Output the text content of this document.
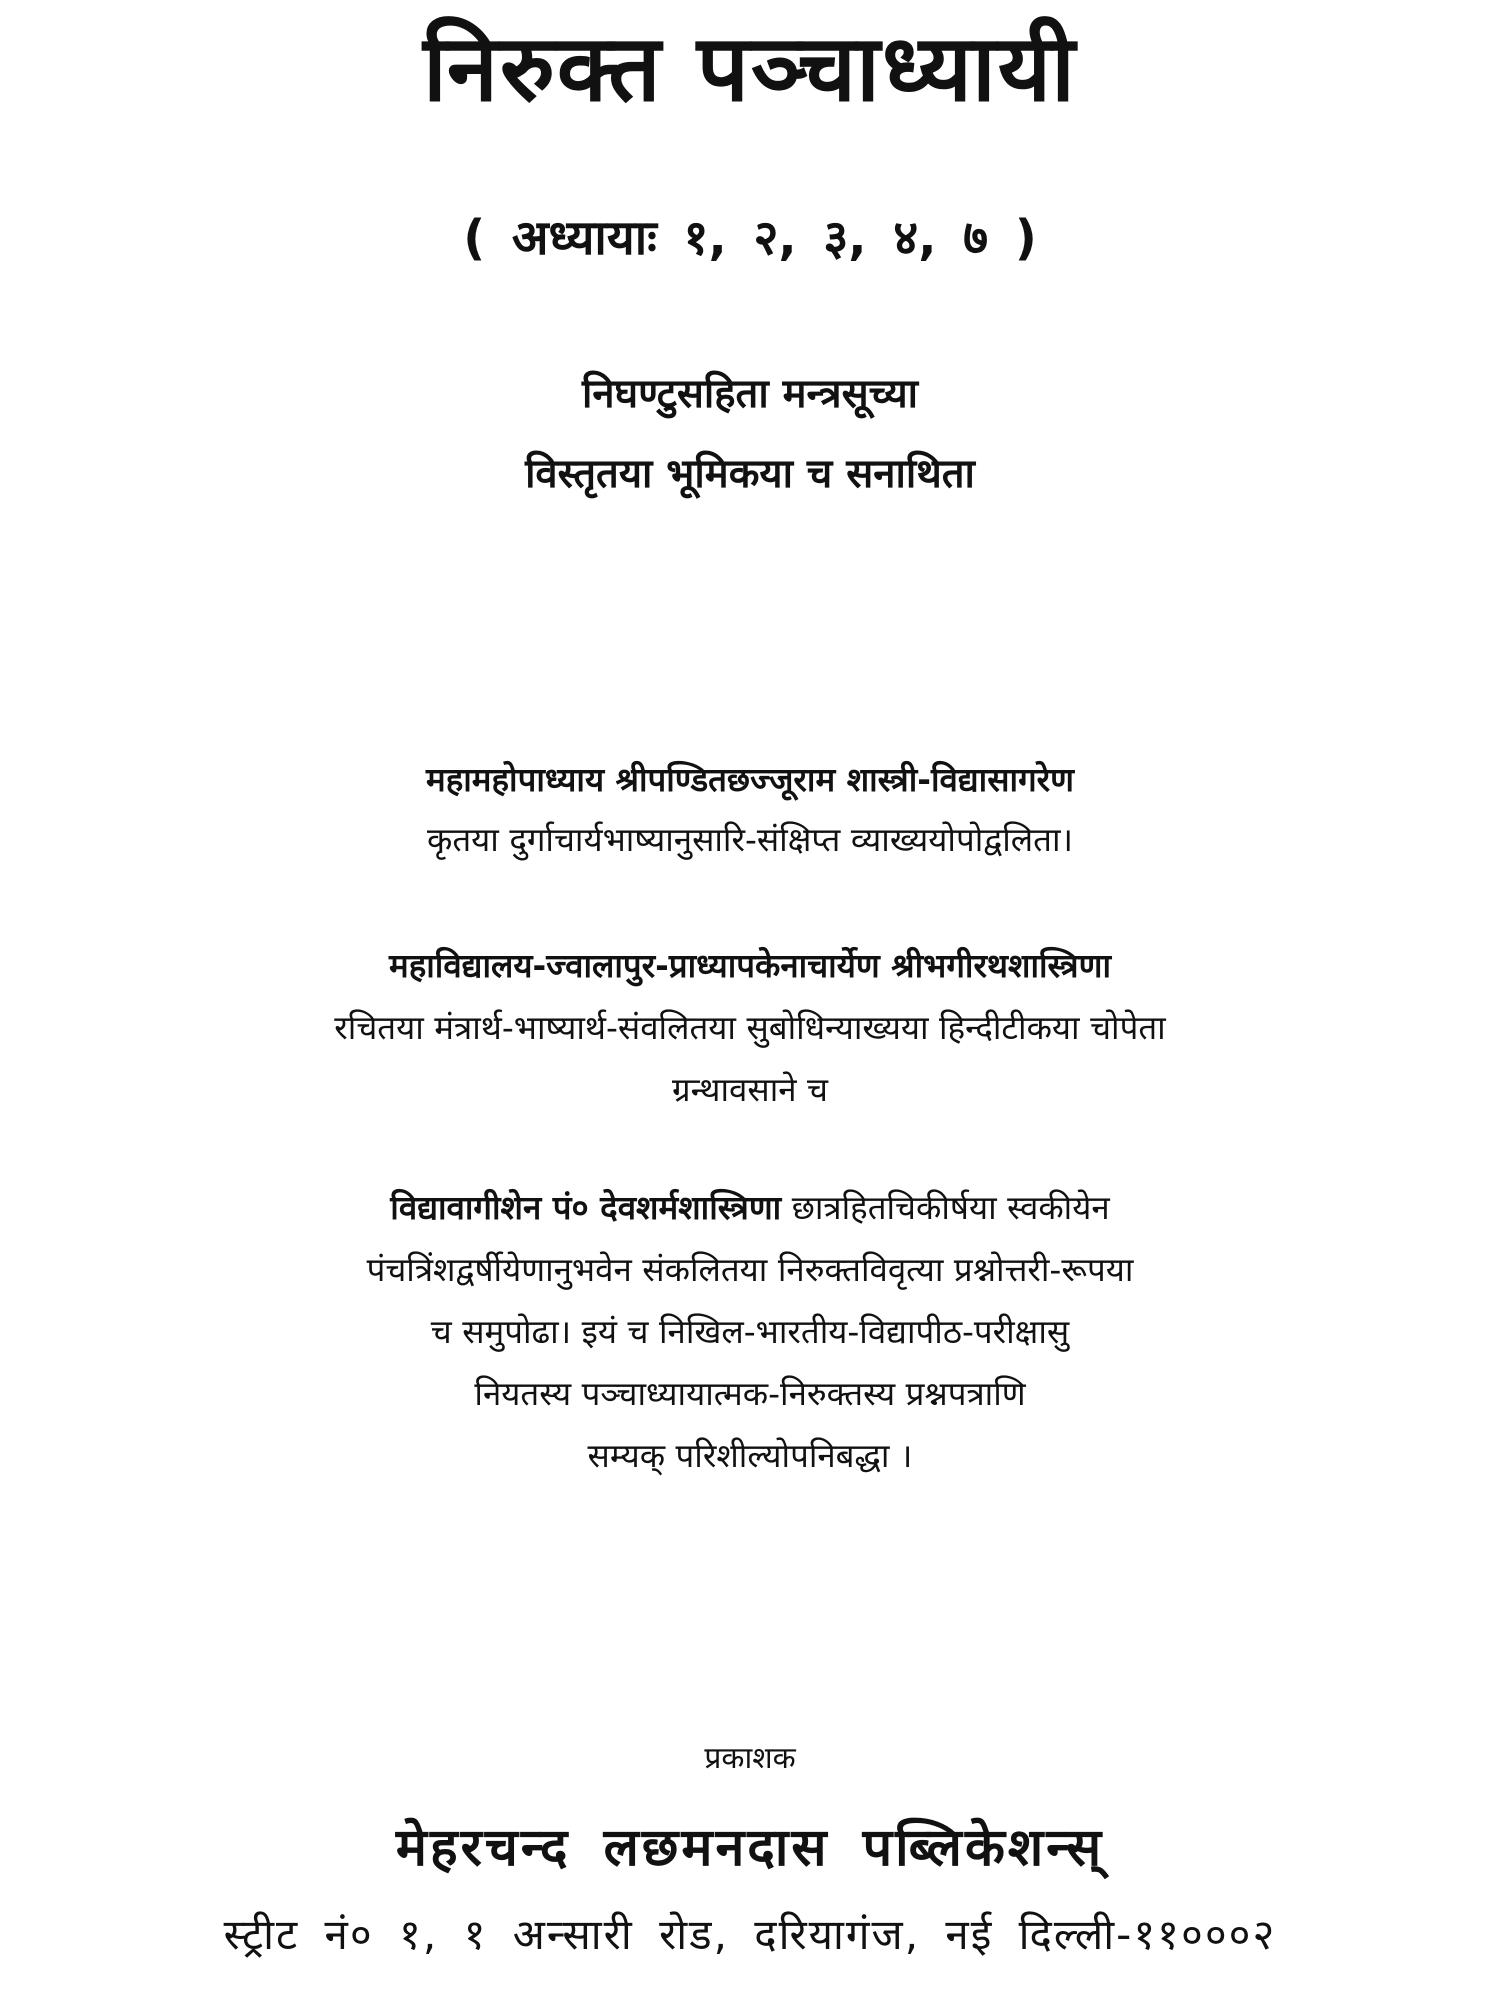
निरुक्त पञ्चाध्यायी
( अध्यायाः १, २, ३, ४, ७ )
निघण्टुसहिता मन्त्रसूच्या
विस्तृतया भूमिकया च सनाथिता
महामहोपाध्याय श्रीपण्डितछज्जूराम शास्त्री-विद्यासागरेण
कृतया दुर्गाचार्यभाष्यानुसारि-संक्षिप्त व्याख्ययोपोद्वलिता।
महाविद्यालय-ज्वालापुर-प्राध्यापकेनाचार्येण श्रीभगीरथशास्त्रिणा
रचितया मंत्रार्थ-भाष्यार्थ-संवलितया सुबोधिन्याख्यया हिन्दीटीकया चोपेता
ग्रन्थावसाने च
विद्यावागीशेन पं० देवशर्मशास्त्रिणा छात्रहितचिकीर्षया स्वकीयेन
पंचत्रिंशद्वर्षीयेणानुभवेन संकलितया निरुक्तविवृत्या प्रश्नोत्तरी-रूपया
च समुपोढा। इयं च निखिल-भारतीय-विद्यापीठ-परीक्षासु
नियतस्य पञ्चाध्यायात्मक-निरुक्तस्य प्रश्नपत्राणि
सम्यक् परिशील्योपनिबद्धा ।
प्रकाशक
मेहरचन्द लछमनदास पब्लिकेशन्स्
स्ट्रीट नं० १, १ अन्सारी रोड, दरियागंज, नई दिल्ली-११०००२
